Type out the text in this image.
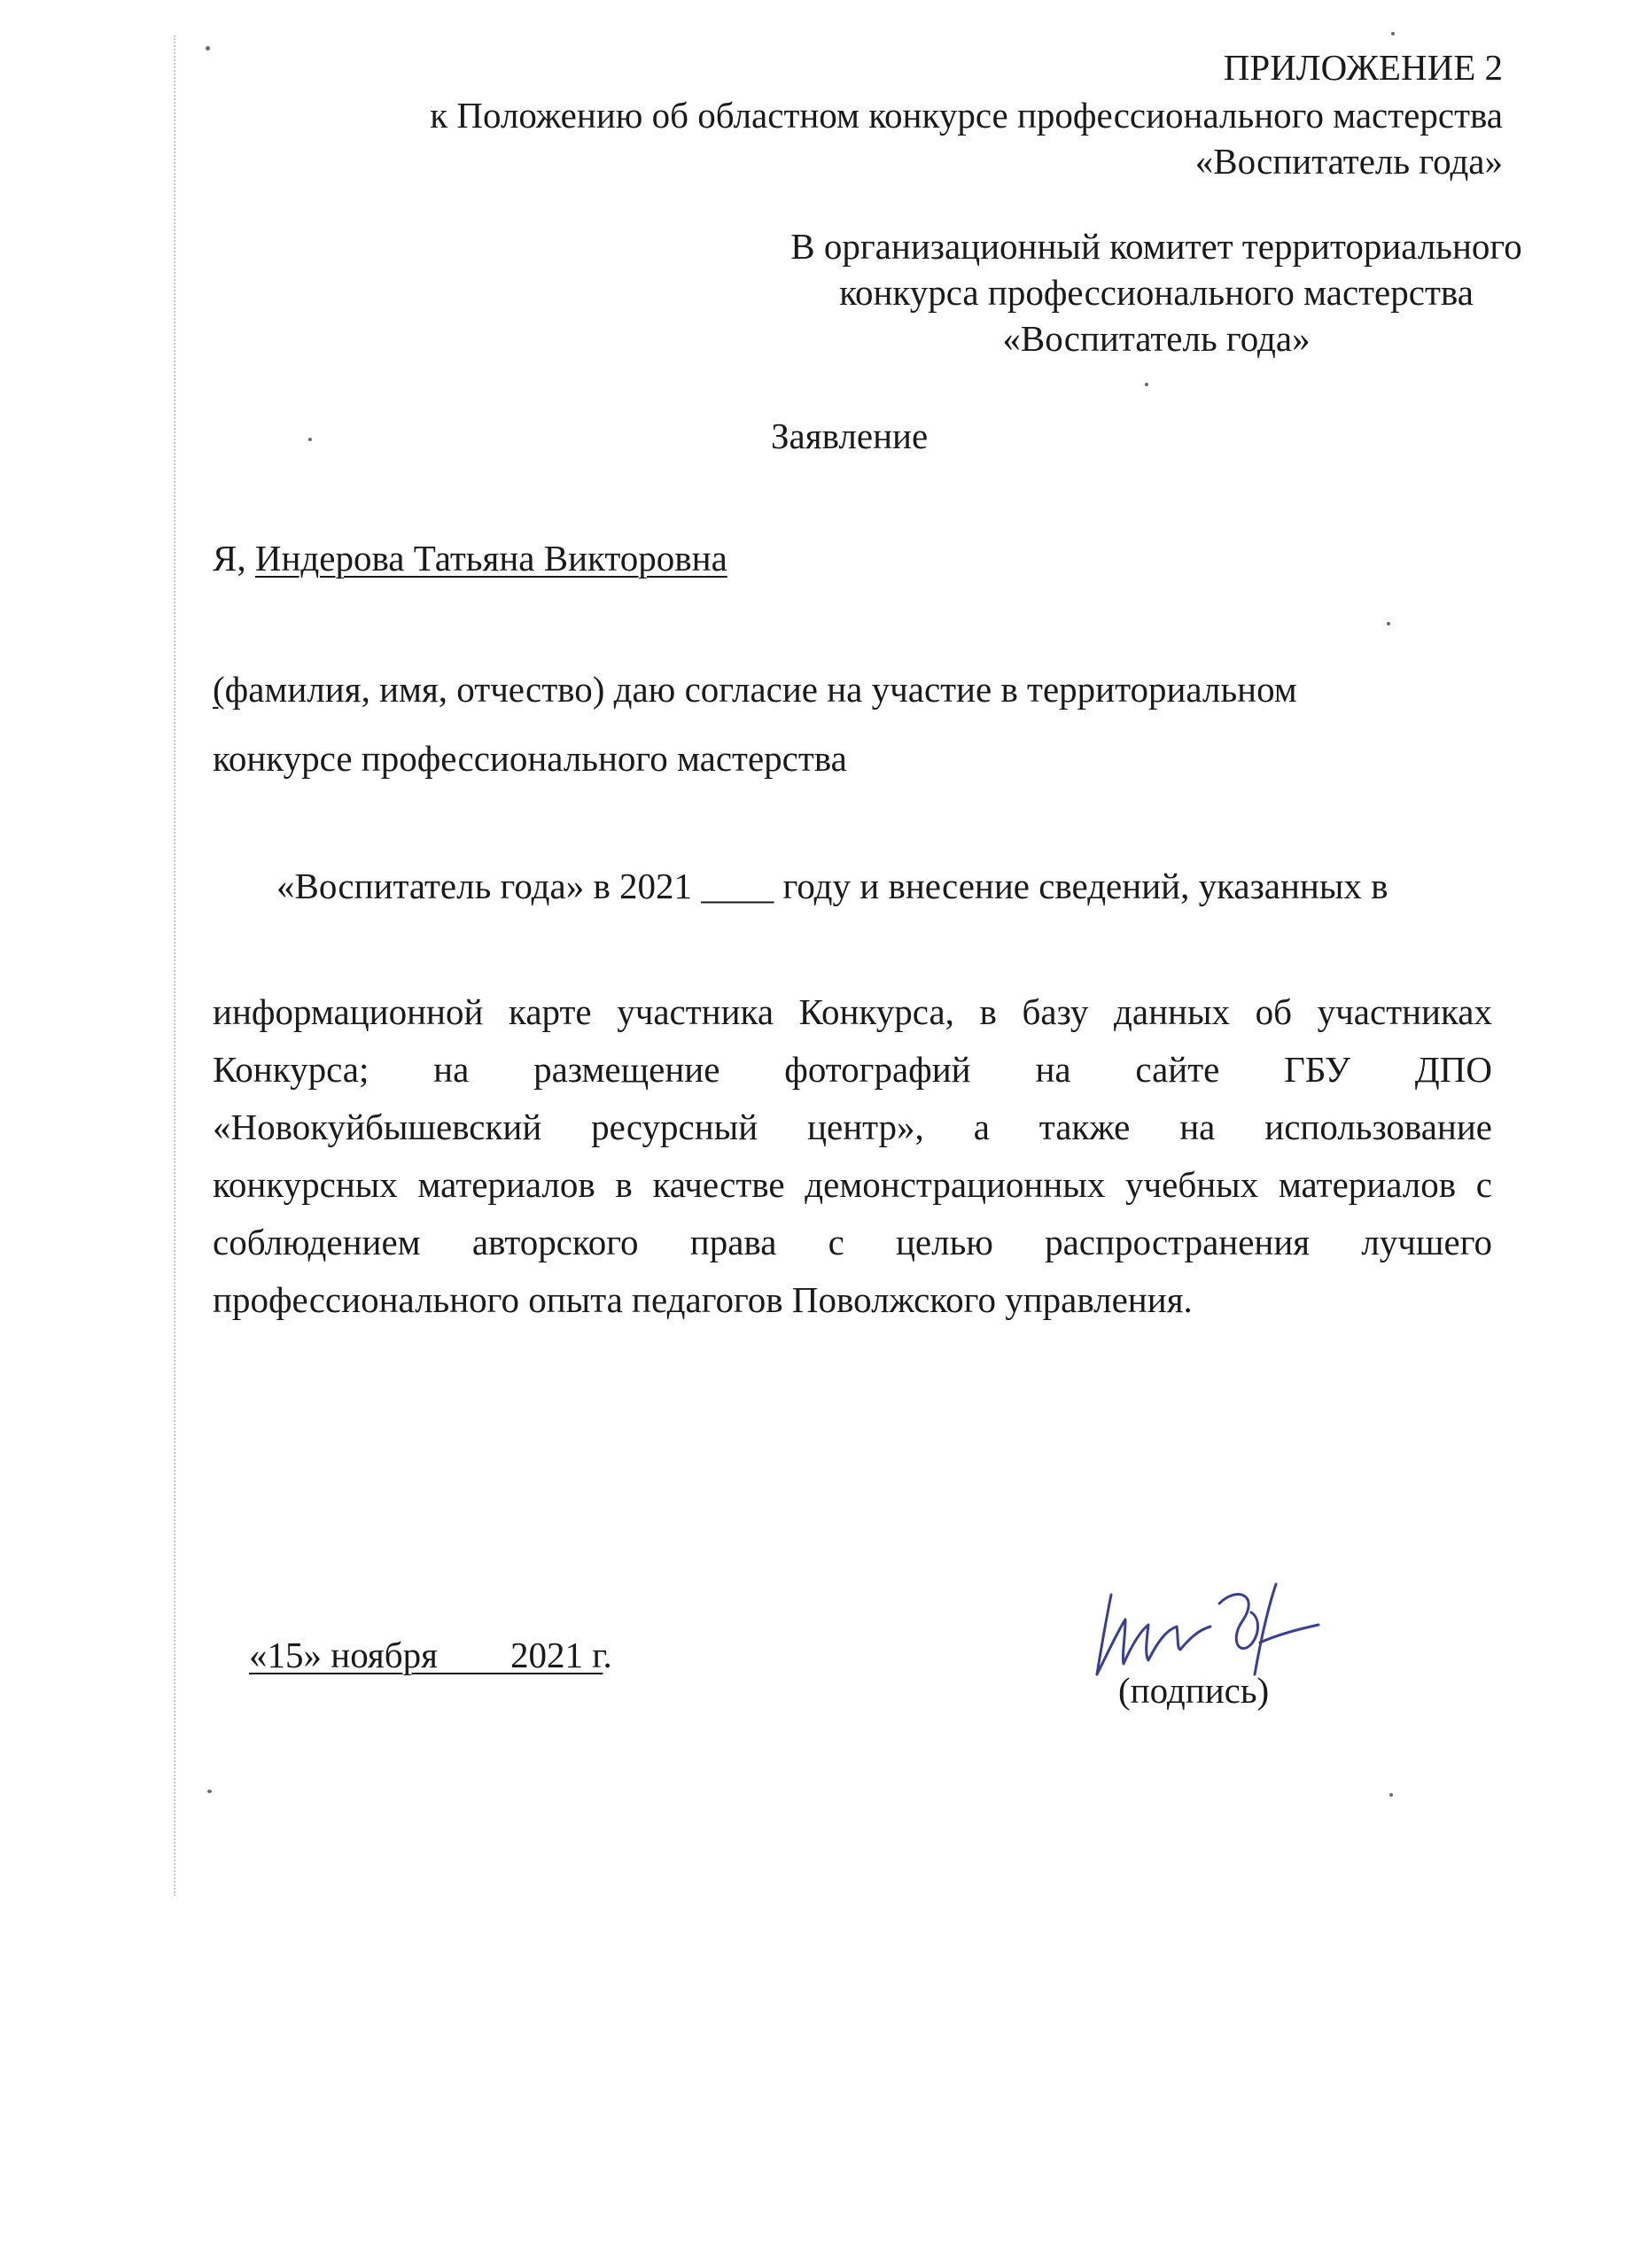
ПРИЛОЖЕНИЕ 2
к Положению об областном конкурсе профессионального мастерства
«Воспитатель года»
В организационный комитет территориального
конкурса профессионального мастерства
«Воспитатель года»
Заявление
Я, Индерова Татьяна Викторовна
(фамилия, имя, отчество) даю согласие на участие в территориальном
конкурсе профессионального мастерства
«Воспитатель года» в 2021 ____ году и внесение сведений, указанных в
информационной карте участника Конкурса, в базу данных об участниках
Конкурса; на размещение фотографий на сайте ГБУ ДПО
«Новокуйбышевский ресурсный центр», а также на использование
конкурсных материалов в качестве демонстрационных учебных материалов с
соблюдением авторского права с целью распространения лучшего
профессионального опыта педагогов Поволжского управления.

«15» ноября        2021 г.

(подпись)
